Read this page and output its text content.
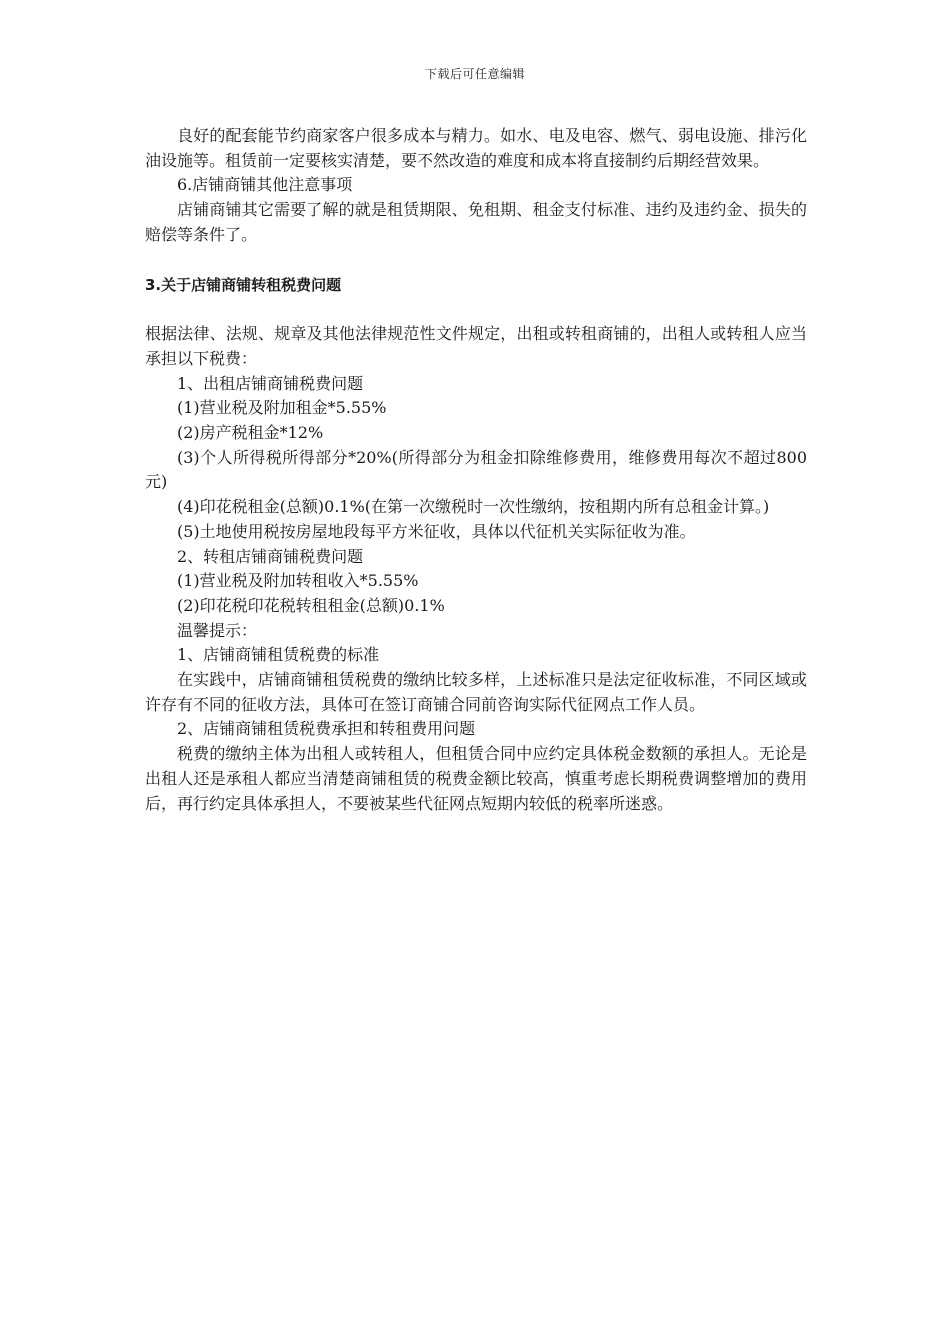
下载后可任意编辑

良好的配套能节约商家客户很多成本与精力。如水、电及电容、燃气、弱电设施、排污化油设施等。租赁前一定要核实清楚，要不然改造的难度和成本将直接制约后期经营效果。

6.店铺商铺其他注意事项

店铺商铺其它需要了解的就是租赁期限、免租期、租金支付标准、违约及违约金、损失的赔偿等条件了。

3.关于店铺商铺转租税费问题

根据法律、法规、规章及其他法律规范性文件规定，出租或转租商铺的，出租人或转租人应当承担以下税费：

1、出租店铺商铺税费问题

(1)营业税及附加租金*5.55%

(2)房产税租金*12%

(3)个人所得税所得部分*20%(所得部分为租金扣除维修费用，维修费用每次不超过800元)

(4)印花税租金(总额)0.1%(在第一次缴税时一次性缴纳，按租期内所有总租金计算。)

(5)土地使用税按房屋地段每平方米征收，具体以代征机关实际征收为准。

2、转租店铺商铺税费问题

(1)营业税及附加转租收入*5.55%

(2)印花税印花税转租租金(总额)0.1%

温馨提示：

1、店铺商铺租赁税费的标准

在实践中，店铺商铺租赁税费的缴纳比较多样，上述标准只是法定征收标准，不同区域或许存有不同的征收方法，具体可在签订商铺合同前咨询实际代征网点工作人员。

2、店铺商铺租赁税费承担和转租费用问题

税费的缴纳主体为出租人或转租人，但租赁合同中应约定具体税金数额的承担人。无论是出租人还是承租人都应当清楚商铺租赁的税费金额比较高，慎重考虑长期税费调整增加的费用后，再行约定具体承担人，不要被某些代征网点短期内较低的税率所迷惑。
